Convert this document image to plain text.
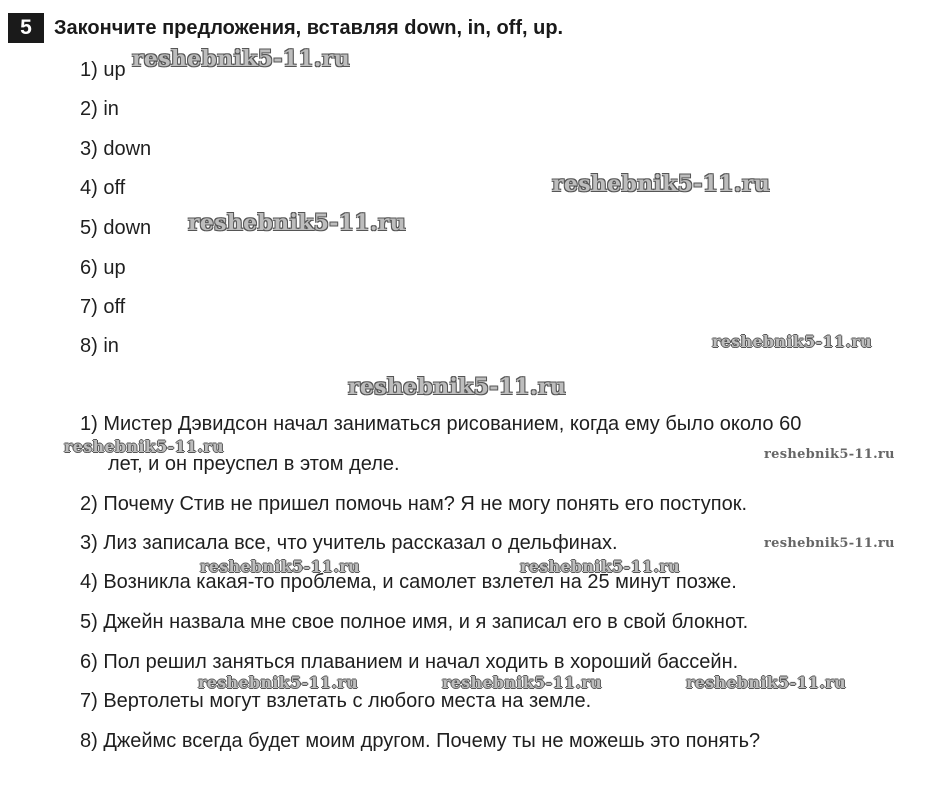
5	Закончите предложения, вставляя down, in, off, up.
1) up
2) in
3) down
4) off
5) down
6) up
7) off
8) in
1) Мистер Дэвидсон начал заниматься рисованием, когда ему было около 60
лет, и он преуспел в этом деле.
2) Почему Стив не пришел помочь нам? Я не могу понять его поступок.
3) Лиз записала все, что учитель рассказал о дельфинах.
4) Возникла какая-то проблема, и самолет взлетел на 25 минут позже.
5) Джейн назвала мне свое полное имя, и я записал его в свой блокнот.
6) Пол решил заняться плаванием и начал ходить в хороший бассейн.
7) Вертолеты могут взлетать с любого места на земле.
8) Джеймс всегда будет моим другом. Почему ты не можешь это понять?
reshebnik5-11.ru
reshebnik5-11.ru
reshebnik5-11.ru
reshebnik5-11.ru
reshebnik5-11.ru
reshebnik5-11.ru	reshebnik5-11.ru
reshebnik5-11.ru
reshebnik5-11.ru	reshebnik5-11.ru
reshebnik5-11.ru	reshebnik5-11.ru	reshebnik5-11.ru
